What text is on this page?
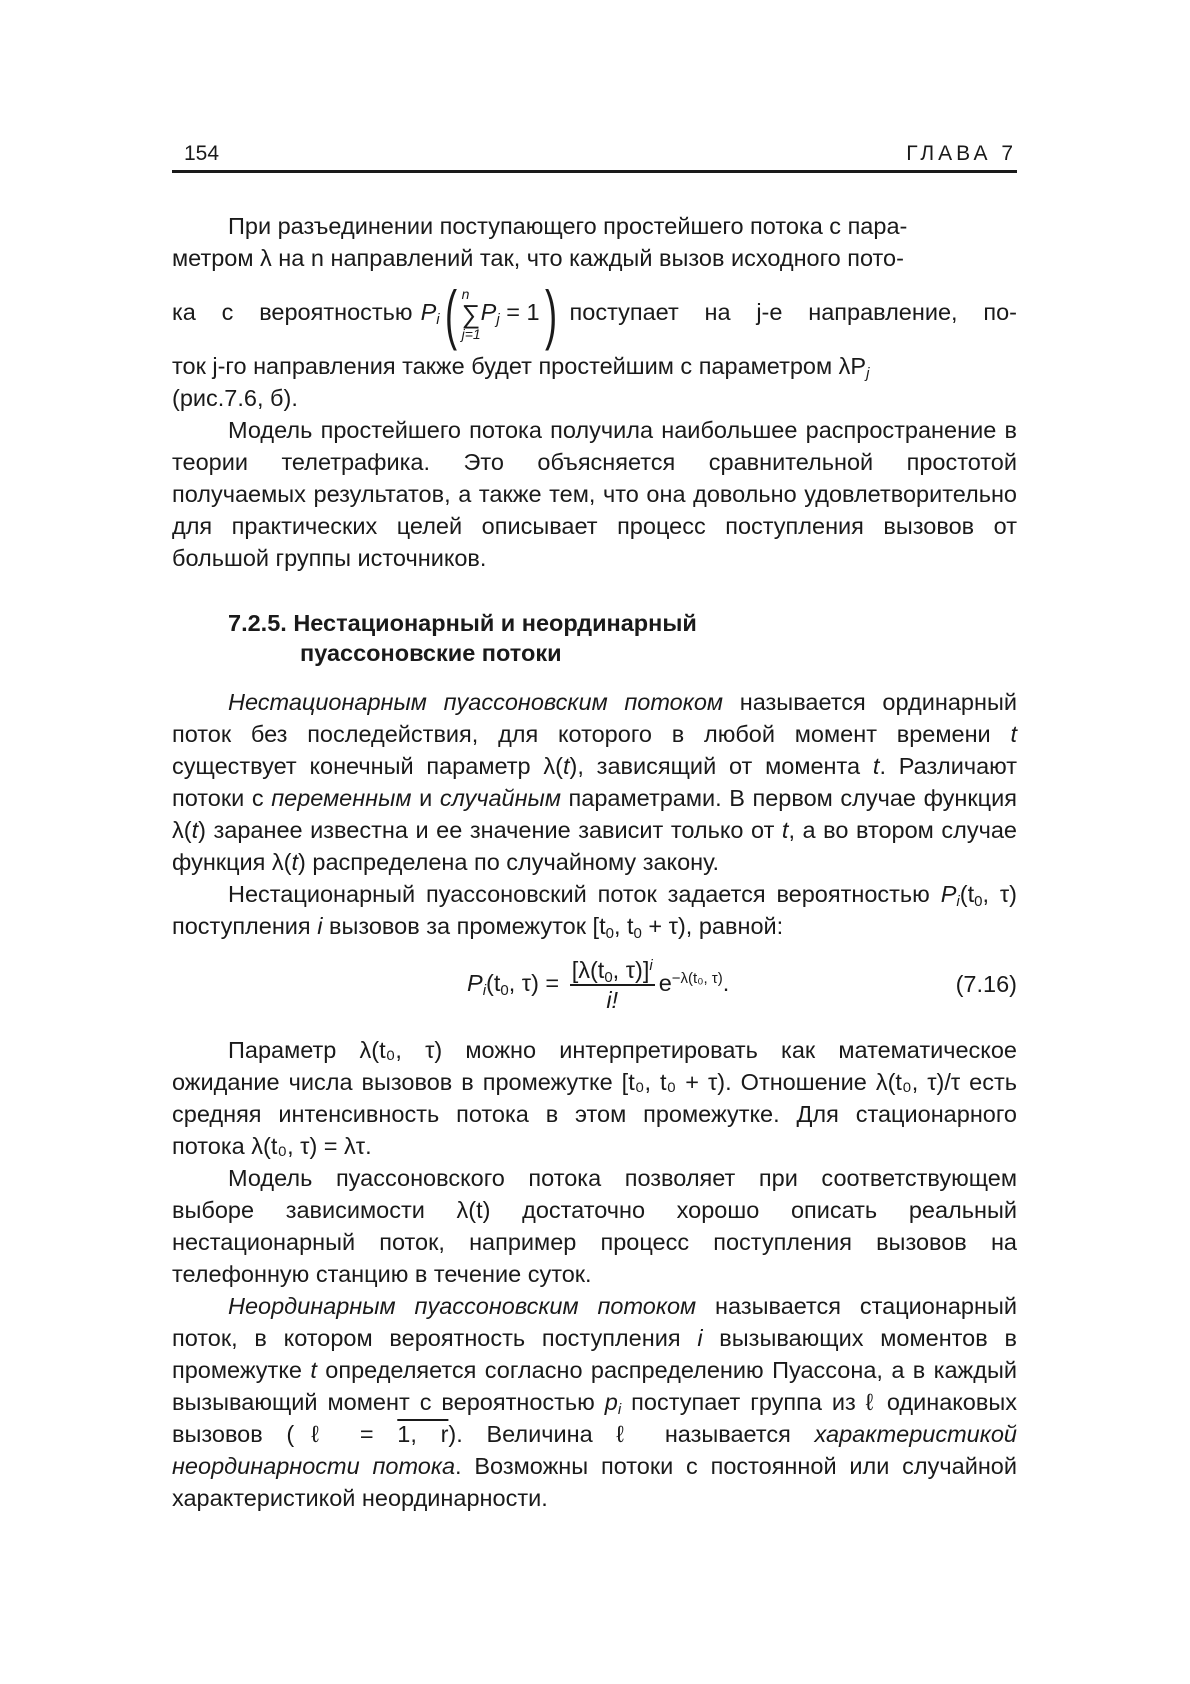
154	ГЛАВА 7

При разъединении поступающего простейшего потока с пара-

метром λ на n направлений так, что каждый вызов исходного пото-

ка с вероятностью $P_i$( n
∑
j=1
$P_j = 1$) поступает на j-е направление, по-

ток j-го направления также будет простейшим с параметром $\lambda P_j$

(рис.7.6, б).

Модель простейшего потока получила наибольшее распространение в теории телетрафика. Это объясняется сравнительной простотой получаемых результатов, а также тем, что она довольно удовлетворительно для практических целей описывает процесс поступления вызовов от большой группы источников.

7.2.5. Нестационарный и неординарный
пуассоновские потоки

Нестационарным пуассоновским потоком называется ординарный поток без последействия, для которого в любой момент времени t существует конечный параметр λ(t), зависящий от момента t. Различают потоки с переменным и случайным параметрами. В первом случае функция λ(t) заранее известна и ее значение зависит только от t, а во втором случае функция λ(t) распределена по случайному закону.

Нестационарный пуассоновский поток задается вероятностью $P_i(t_0$, τ) поступления i вызовов за промежуток [$t_0$, $t_0 + \tau$), равной:

$P_i(t_0$, $\tau) = \frac{[\lambda(t_0, \tau)]^i}{i!} e^{-\lambda(t_0, \tau)}$.	(7.16)

Параметр λ(t₀, τ) можно интерпретировать как математическое ожидание числа вызовов в промежутке [t₀, t₀ + τ). Отношение λ(t₀, τ)/τ есть средняя интенсивность потока в этом промежутке. Для стационарного потока λ(t₀, τ) = λτ.

Модель пуассоновского потока позволяет при соответствующем выборе зависимости λ(t) достаточно хорошо описать реальный нестационарный поток, например процесс поступления вызовов на телефонную станцию в течение суток.

Неординарным пуассоновским потоком называется стационарный поток, в котором вероятность поступления i вызывающих моментов в промежутке t определяется согласно распределению Пуассона, а в каждый вызывающий момент с вероятностью $p_i$ поступает группа из ℓ одинаковых вызовов (ℓ = 1, r). Величина ℓ называется характеристикой неординарности потока. Возможны потоки с постоянной или случайной характеристикой неординарности.
